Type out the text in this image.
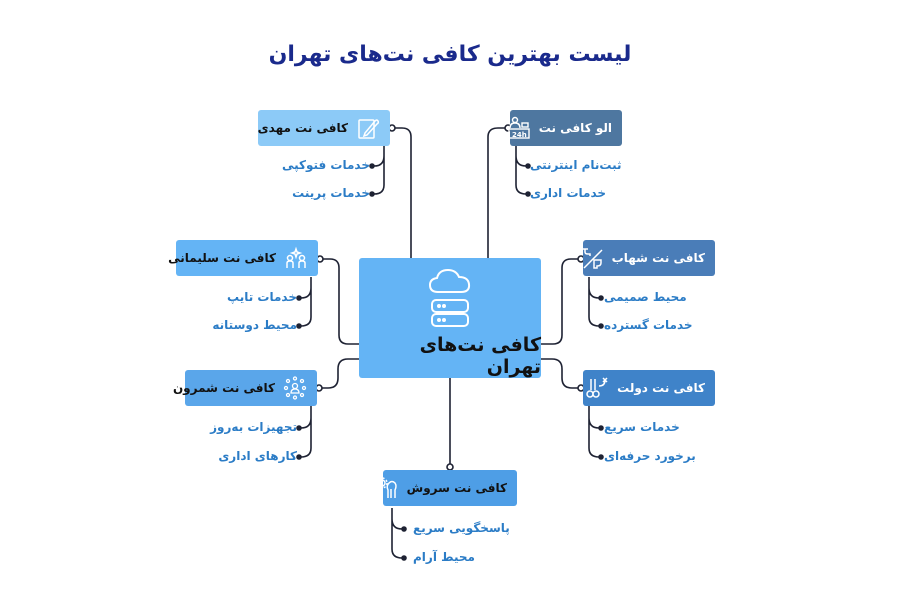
لیست بهترین کافی نت‌های تهران
کافی نت‌های تهران
کافی نت مهدی
خدمات فتوکپی
خدمات پرینت
الو کافی نت
24h
ثبت‌نام اینترنتی
خدمات اداری
کافی نت سلیمانی
خدمات تایپ
محیط دوستانه
کافی نت شهاب
محیط صمیمی
خدمات گسترده
کافی نت شمرون
تجهیزات به‌روز
کارهای اداری
کافی نت دولت
خدمات سریع
برخورد حرفه‌ای
کافی نت سروش
پاسخگویی سریع
محیط آرام
